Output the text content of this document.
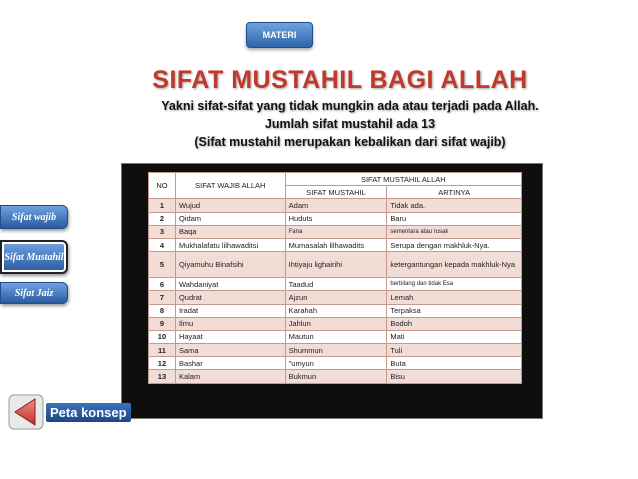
MATERI
SIFAT MUSTAHIL BAGI ALLAH
Yakni sifat-sifat yang tidak mungkin ada atau terjadi pada Allah.
Jumlah sifat mustahil ada 13
(Sifat mustahil merupakan kebalikan dari sifat wajib)
Sifat wajib
Sifat Mustahil
Sifat Jaiz
NO	SIFAT WAJIB ALLAH	SIFAT MUSTAHIL ALLAH	
		SIFAT MUSTAHIL	ARTINYA
1	Wujud	Adam	Tidak ada.
2	Qidam	Huduts	Baru
3	Baqa	Fana	sementara atau rusak
4	Mukhalafatu lilhawaditsi	Mumasalah lilhawadits	Serupa dengan makhluk-Nya.
5	Qiyamuhu Binafsihi	Ihtiyaju lighairihi	ketergantungan kepada makhluk-Nya
6	Wahdaniyat	Taadud	berbilang dan tidak Esa
7	Qudrat	Ajzun	Lemah
8	Iradat	Karahah	Terpaksa
9	Ilmu	Jahlun	Bodoh
10	Hayaat	Mautun	Mati
11	Sama	Shummun	Tuli
12	Bashar	"umyun	Buta
13	Kalam	Bukmun	Bisu
Peta konsep
